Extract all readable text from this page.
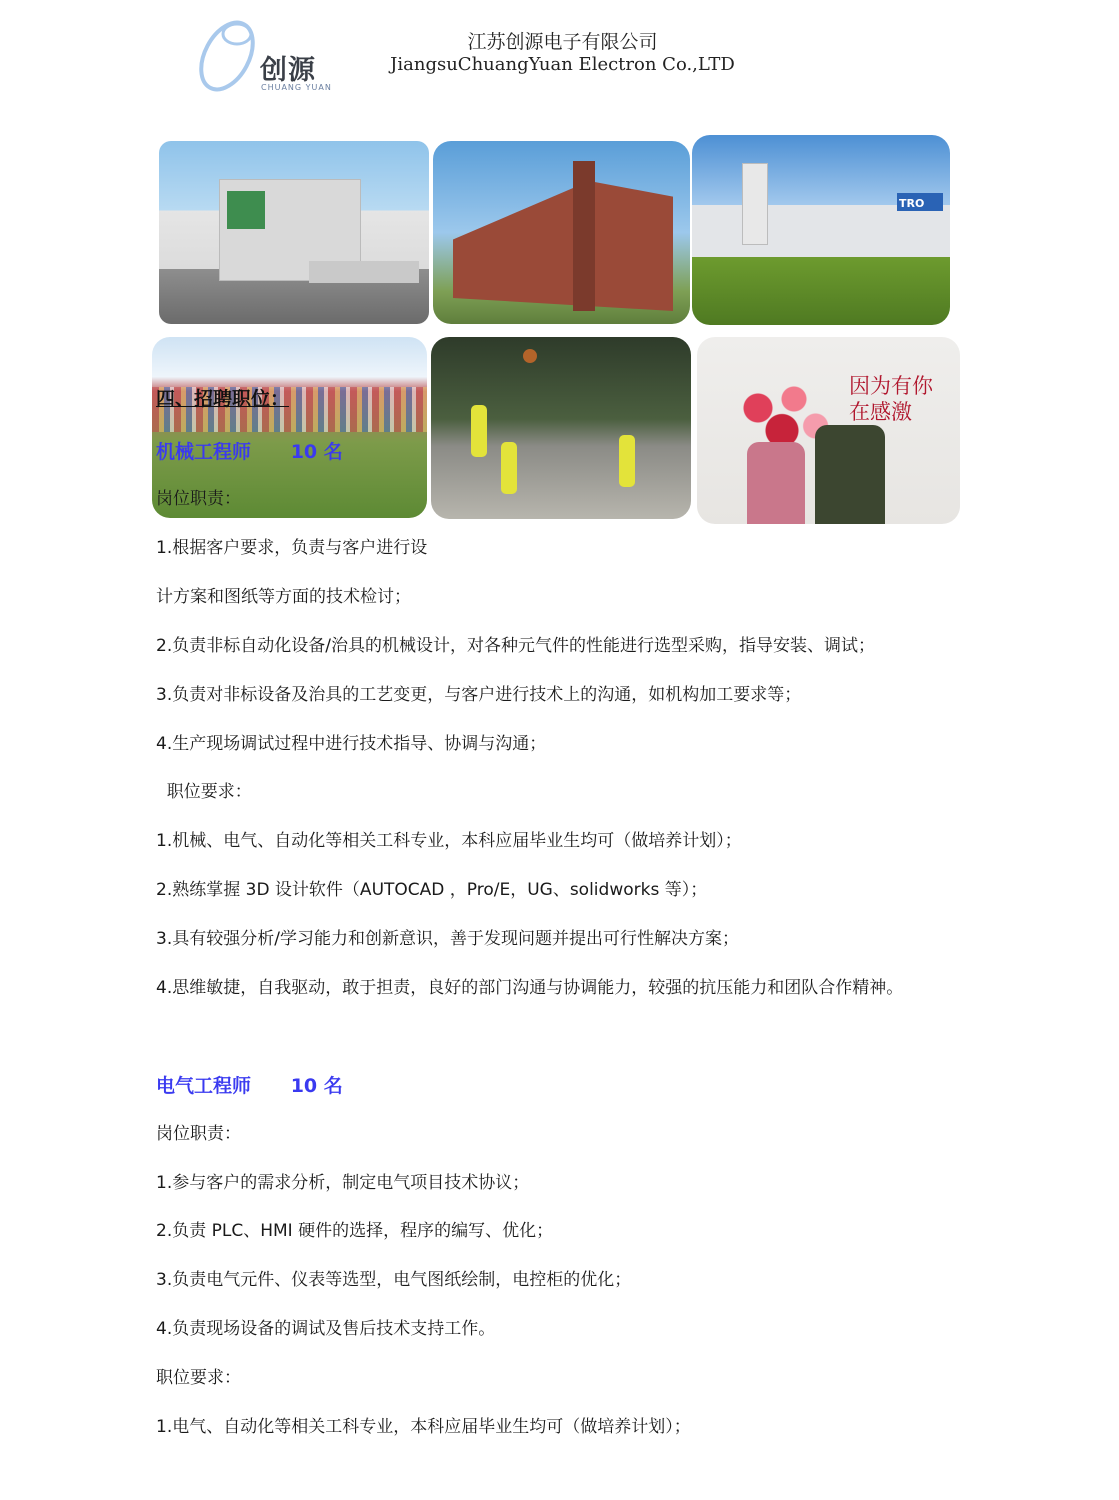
创源
CHUANG YUAN
江苏创源电子有限公司
JiangsuChuangYuan Electron Co.,LTD
TRO
因为有你 在感激
四、招聘职位：
机械工程师      10 名
岗位职责：
1.根据客户要求，负责与客户进行设
计方案和图纸等方面的技术检讨；
2.负责非标自动化设备/治具的机械设计，对各种元气件的性能进行选型采购，指导安装、调试；
3.负责对非标设备及治具的工艺变更，与客户进行技术上的沟通，如机构加工要求等；
4.生产现场调试过程中进行技术指导、协调与沟通；
职位要求：
1.机械、电气、自动化等相关工科专业，本科应届毕业生均可（做培养计划）；
2.熟练掌握 3D 设计软件（AUTOCAD ，Pro/E，UG、solidworks 等）；
3.具有较强分析/学习能力和创新意识，善于发现问题并提出可行性解决方案；
4.思维敏捷，自我驱动，敢于担责，良好的部门沟通与协调能力，较强的抗压能力和团队合作精神。
电气工程师      10 名
岗位职责：
1.参与客户的需求分析，制定电气项目技术协议；
2.负责 PLC、HMI 硬件的选择，程序的编写、优化；
3.负责电气元件、仪表等选型，电气图纸绘制，电控柜的优化；
4.负责现场设备的调试及售后技术支持工作。
职位要求：
1.电气、自动化等相关工科专业，本科应届毕业生均可（做培养计划）；
